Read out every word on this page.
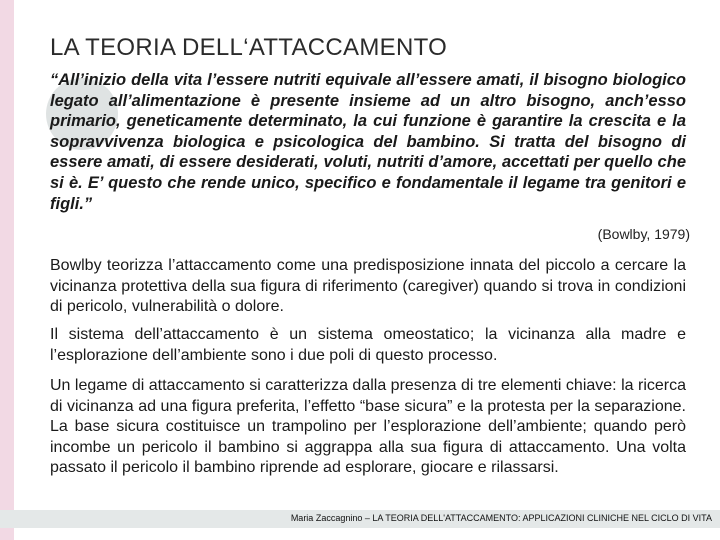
LA TEORIA DELL‘ATTACCAMENTO

“All’inizio della vita l’essere nutriti equivale all’essere amati, il bisogno biologico legato all’alimentazione è presente insieme ad un altro bisogno, anch’esso primario, geneticamente determinato, la cui funzione è garantire la crescita e la sopravvivenza biologica e psicologica del bambino. Si tratta del bisogno di essere amati, di essere desiderati, voluti, nutriti d’amore, accettati per quello che si è. E’ questo che rende unico, specifico e fondamentale il legame tra genitori e figli.”

(Bowlby, 1979)

Bowlby teorizza l’attaccamento come una predisposizione innata del piccolo a cercare la vicinanza protettiva della sua figura di riferimento (caregiver) quando si trova in condizioni di pericolo, vulnerabilità o dolore.

Il sistema dell’attaccamento è un sistema omeostatico; la vicinanza alla madre e l’esplorazione dell’ambiente sono i due poli di questo processo.

Un legame di attaccamento si caratterizza dalla presenza di tre elementi chiave: la ricerca di vicinanza ad una figura preferita, l’effetto “base sicura” e la protesta per la separazione. La base sicura costituisce un trampolino per l’esplorazione dell’ambiente; quando però incombe un pericolo il bambino si aggrappa alla sua figura di attaccamento. Una volta passato il pericolo il bambino riprende ad esplorare, giocare e rilassarsi.

Maria Zaccagnino – LA TEORIA DELL'ATTACCAMENTO: APPLICAZIONI CLINICHE NEL CICLO DI VITA
